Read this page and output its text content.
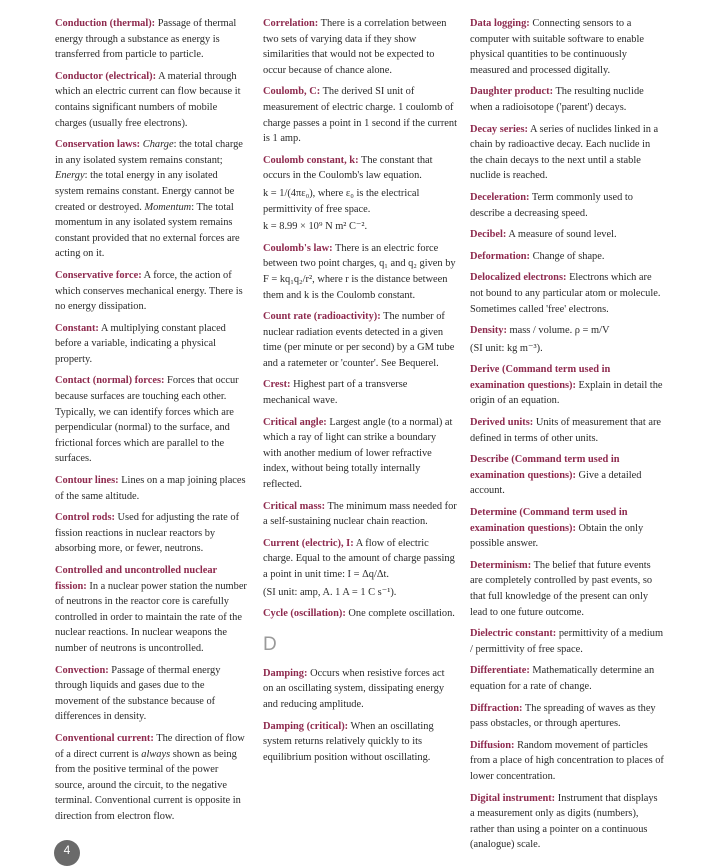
Conduction (thermal): Passage of thermal energy through a substance as energy is transferred from particle to particle.
Conductor (electrical): A material through which an electric current can flow because it contains significant numbers of mobile charges (usually free electrons).
Conservation laws: Charge: the total charge in any isolated system remains constant; Energy: the total energy in any isolated system remains constant. Energy cannot be created or destroyed. Momentum: The total momentum in any isolated system remains constant provided that no external forces are acting on it.
Conservative force: A force, the action of which conserves mechanical energy. There is no energy dissipation.
Constant: A multiplying constant placed before a variable, indicating a physical property.
Contact (normal) forces: Forces that occur because surfaces are touching each other. Typically, we can identify forces which are perpendicular (normal) to the surface, and frictional forces which are parallel to the surfaces.
Contour lines: Lines on a map joining places of the same altitude.
Control rods: Used for adjusting the rate of fission reactions in nuclear reactors by absorbing more, or fewer, neutrons.
Controlled and uncontrolled nuclear fission: In a nuclear power station the number of neutrons in the reactor core is carefully controlled in order to maintain the rate of the nuclear reactions. In nuclear weapons the number of neutrons is uncontrolled.
Convection: Passage of thermal energy through liquids and gases due to the movement of the substance because of differences in density.
Conventional current: The direction of flow of a direct current is always shown as being from the positive terminal of the power source, around the circuit, to the negative terminal. Conventional current is opposite in direction from electron flow.
Correlation: There is a correlation between two sets of varying data if they show similarities that would not be expected to occur because of chance alone.
Coulomb, C: The derived SI unit of measurement of electric charge. 1 coulomb of charge passes a point in 1 second if the current is 1 amp.
Coulomb constant, k: The constant that occurs in the Coulomb's law equation.
k = 1/(4πε₀), where ε₀ is the electrical permittivity of free space.
k = 8.99 × 10⁹ N m² C⁻².
Coulomb's law: There is an electric force between two point charges, q₁ and q₂ given by F = kq₁q₂/r², where r is the distance between them and k is the Coulomb constant.
Count rate (radioactivity): The number of nuclear radiation events detected in a given time (per minute or per second) by a GM tube and a ratemeter or 'counter'. See Bequerel.
Crest: Highest part of a transverse mechanical wave.
Critical angle: Largest angle (to a normal) at which a ray of light can strike a boundary with another medium of lower refractive index, without being totally internally reflected.
Critical mass: The minimum mass needed for a self-sustaining nuclear chain reaction.
Current (electric), I: A flow of electric charge. Equal to the amount of charge passing a point in unit time: I = Δq/Δt.
(SI unit: amp, A. 1 A = 1 C s⁻¹).
Cycle (oscillation): One complete oscillation.
D
Damping: Occurs when resistive forces act on an oscillating system, dissipating energy and reducing amplitude.
Damping (critical): When an oscillating system returns relatively quickly to its equilibrium position without oscillating.
Data logging: Connecting sensors to a computer with suitable software to enable physical quantities to be continuously measured and processed digitally.
Daughter product: The resulting nuclide when a radioisotope ('parent') decays.
Decay series: A series of nuclides linked in a chain by radioactive decay. Each nuclide in the chain decays to the next until a stable nuclide is reached.
Deceleration: Term commonly used to describe a decreasing speed.
Decibel: A measure of sound level.
Deformation: Change of shape.
Delocalized electrons: Electrons which are not bound to any particular atom or molecule. Sometimes called 'free' electrons.
Density: mass / volume. ρ = m/V
(SI unit: kg m⁻³).
Derive (Command term used in examination questions): Explain in detail the origin of an equation.
Derived units: Units of measurement that are defined in terms of other units.
Describe (Command term used in examination questions): Give a detailed account.
Determine (Command term used in examination questions): Obtain the only possible answer.
Determinism: The belief that future events are completely controlled by past events, so that full knowledge of the present can only lead to one future outcome.
Dielectric constant: permittivity of a medium / permittivity of free space.
Differentiate: Mathematically determine an equation for a rate of change.
Diffraction: The spreading of waves as they pass obstacles, or through apertures.
Diffusion: Random movement of particles from a place of high concentration to places of lower concentration.
Digital instrument: Instrument that displays a measurement only as digits (numbers), rather than using a pointer on a continuous (analogue) scale.
4
